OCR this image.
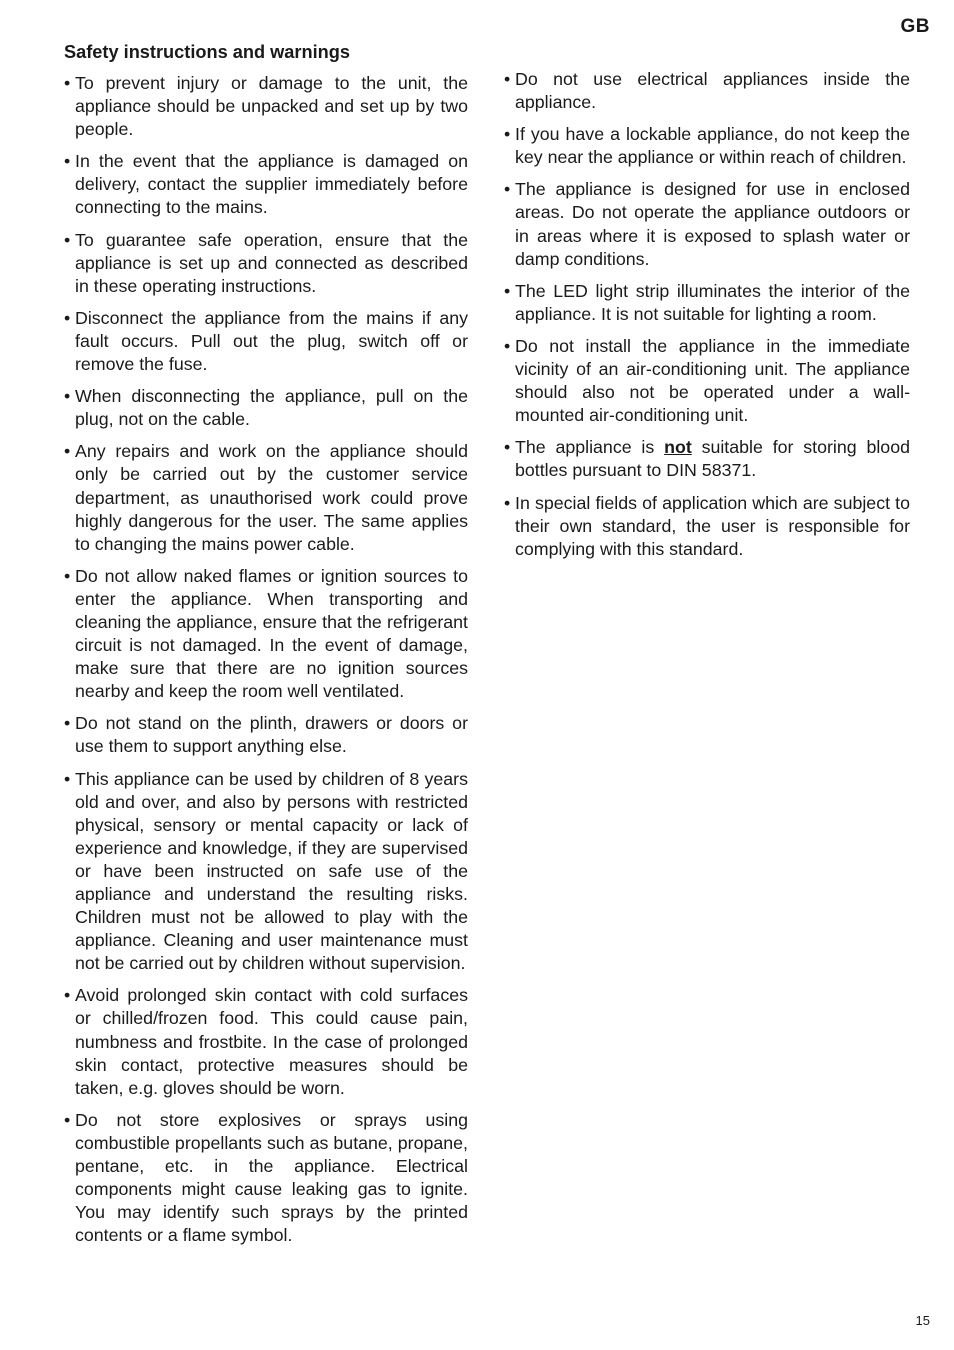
GB
Safety instructions and warnings
• To prevent injury or damage to the unit, the appliance should be unpacked and set up by two people.
• In the event that the appliance is damaged on delivery, contact the supplier immediately before connecting to the mains.
• To guarantee safe operation, ensure that the appliance is set up and connected as described in these operating instructions.
• Disconnect the appliance from the mains if any fault occurs. Pull out the plug, switch off or remove the fuse.
• When disconnecting the appliance, pull on the plug, not on the cable.
• Any repairs and work on the appliance should only be carried out by the customer service department, as unauthorised work could prove highly dangerous for the user. The same applies to changing the mains power cable.
• Do not allow naked flames or ignition sources to enter the appliance. When transporting and cleaning the appliance, ensure that the refrigerant circuit is not damaged. In the event of damage, make sure that there are no ignition sources nearby and keep the room well ventilated.
• Do not stand on the plinth, drawers or doors or use them to support anything else.
• This appliance can be used by children of 8 years old and over, and also by persons with restricted physical, sensory or mental capacity or lack of experience and knowledge, if they are supervised or have been instructed on safe use of the appliance and understand the resulting risks. Children must not be allowed to play with the appliance. Cleaning and user maintenance must not be carried out by children without supervision.
• Avoid prolonged skin contact with cold surfaces or chilled/frozen food. This could cause pain, numbness and frostbite. In the case of prolonged skin contact, protective measures should be taken, e.g. gloves should be worn.
• Do not store explosives or sprays using combustible propellants such as butane, propane, pentane, etc. in the appliance. Electrical components might cause leaking gas to ignite. You may identify such sprays by the printed contents or a flame symbol.
• Do not use electrical appliances inside the appliance.
• If you have a lockable appliance, do not keep the key near the appliance or within reach of children.
• The appliance is designed for use in enclosed areas. Do not operate the appliance outdoors or in areas where it is exposed to splash water or damp conditions.
• The LED light strip illuminates the interior of the appliance. It is not suitable for lighting a room.
• Do not install the appliance in the immediate vicinity of an air-conditioning unit. The appliance should also not be operated under a wall-mounted air-conditioning unit.
• The appliance is not suitable for storing blood bottles pursuant to DIN 58371.
• In special fields of application which are subject to their own standard, the user is responsible for complying with this standard.
15
